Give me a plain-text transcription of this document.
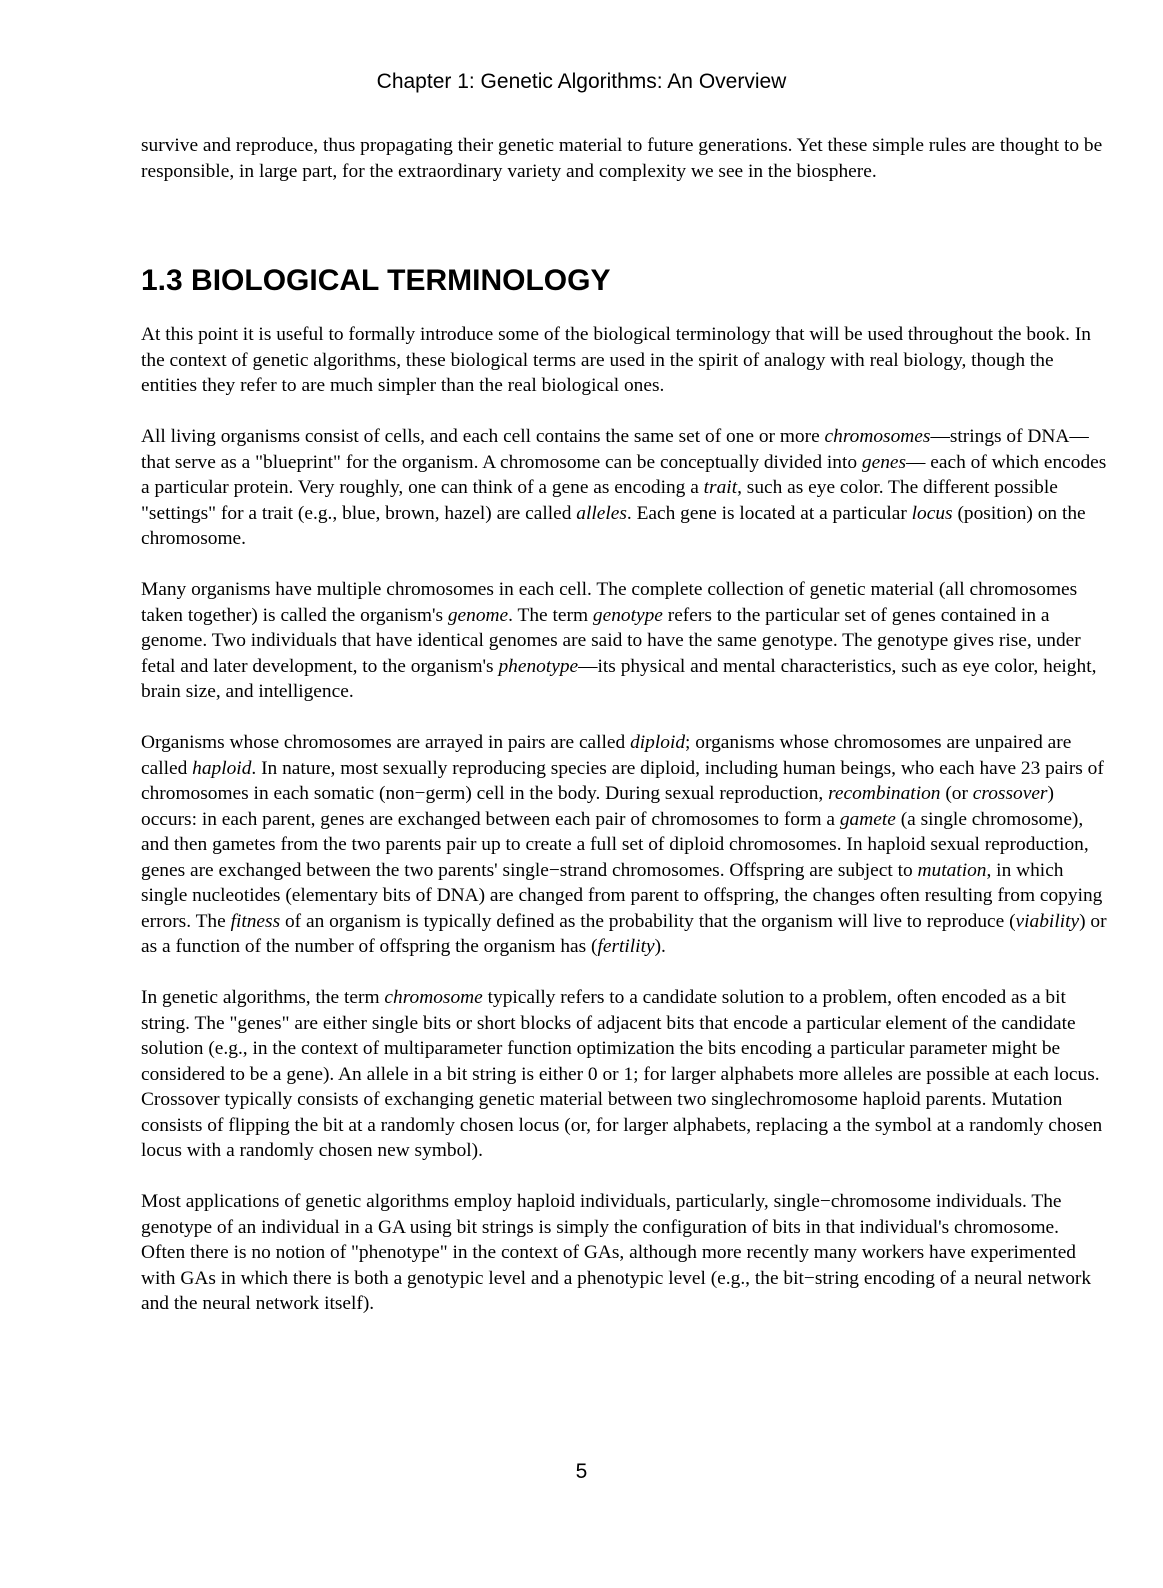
Chapter 1: Genetic Algorithms: An Overview

survive and reproduce, thus propagating their genetic material to future generations. Yet these simple rules are thought to be responsible, in large part, for the extraordinary variety and complexity we see in the biosphere.

1.3 BIOLOGICAL TERMINOLOGY

At this point it is useful to formally introduce some of the biological terminology that will be used throughout the book. In the context of genetic algorithms, these biological terms are used in the spirit of analogy with real biology, though the entities they refer to are much simpler than the real biological ones.

All living organisms consist of cells, and each cell contains the same set of one or more chromosomes—strings of DNA—that serve as a "blueprint" for the organism. A chromosome can be conceptually divided into genes— each of which encodes a particular protein. Very roughly, one can think of a gene as encoding a trait, such as eye color. The different possible "settings" for a trait (e.g., blue, brown, hazel) are called alleles. Each gene is located at a particular locus (position) on the chromosome.

Many organisms have multiple chromosomes in each cell. The complete collection of genetic material (all chromosomes taken together) is called the organism's genome. The term genotype refers to the particular set of genes contained in a genome. Two individuals that have identical genomes are said to have the same genotype. The genotype gives rise, under fetal and later development, to the organism's phenotype—its physical and mental characteristics, such as eye color, height, brain size, and intelligence.

Organisms whose chromosomes are arrayed in pairs are called diploid; organisms whose chromosomes are unpaired are called haploid. In nature, most sexually reproducing species are diploid, including human beings, who each have 23 pairs of chromosomes in each somatic (non−germ) cell in the body. During sexual reproduction, recombination (or crossover) occurs: in each parent, genes are exchanged between each pair of chromosomes to form a gamete (a single chromosome), and then gametes from the two parents pair up to create a full set of diploid chromosomes. In haploid sexual reproduction, genes are exchanged between the two parents' single−strand chromosomes. Offspring are subject to mutation, in which single nucleotides (elementary bits of DNA) are changed from parent to offspring, the changes often resulting from copying errors. The fitness of an organism is typically defined as the probability that the organism will live to reproduce (viability) or as a function of the number of offspring the organism has (fertility).

In genetic algorithms, the term chromosome typically refers to a candidate solution to a problem, often encoded as a bit string. The "genes" are either single bits or short blocks of adjacent bits that encode a particular element of the candidate solution (e.g., in the context of multiparameter function optimization the bits encoding a particular parameter might be considered to be a gene). An allele in a bit string is either 0 or 1; for larger alphabets more alleles are possible at each locus. Crossover typically consists of exchanging genetic material between two singlechromosome haploid parents. Mutation consists of flipping the bit at a randomly chosen locus (or, for larger alphabets, replacing a the symbol at a randomly chosen locus with a randomly chosen new symbol).

Most applications of genetic algorithms employ haploid individuals, particularly, single−chromosome individuals. The genotype of an individual in a GA using bit strings is simply the configuration of bits in that individual's chromosome. Often there is no notion of "phenotype" in the context of GAs, although more recently many workers have experimented with GAs in which there is both a genotypic level and a phenotypic level (e.g., the bit−string encoding of a neural network and the neural network itself).

5
